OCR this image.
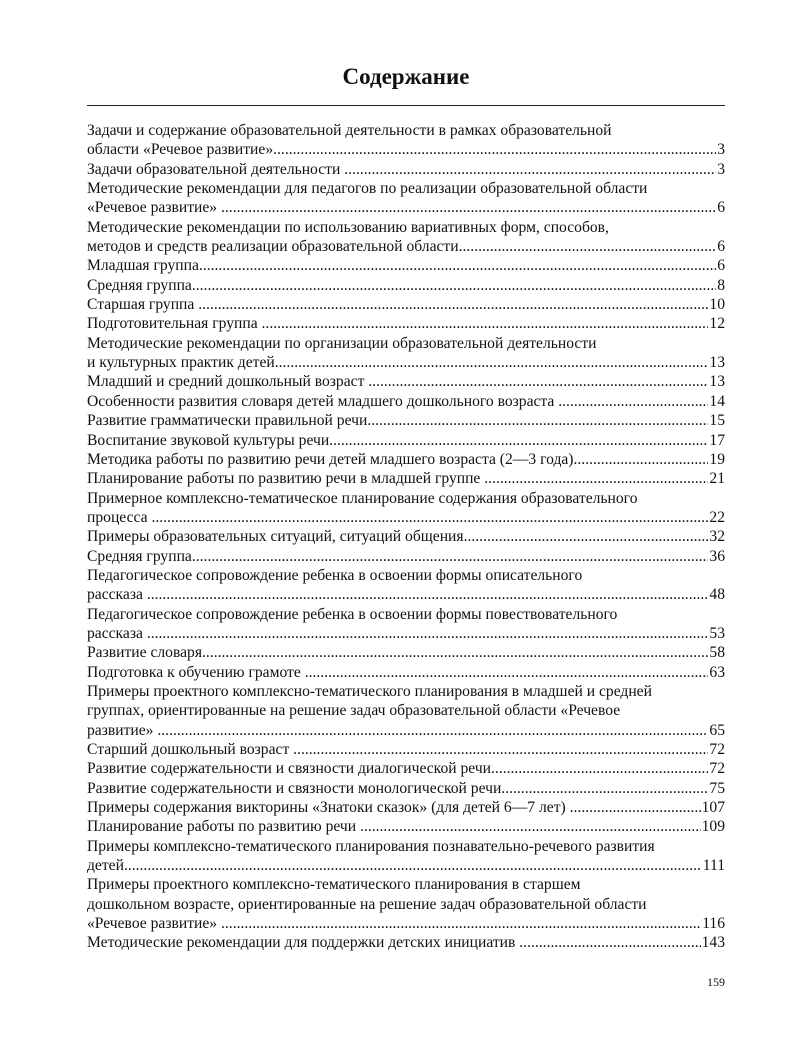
Содержание
Задачи и содержание образовательной деятельности в рамках образовательной
области «Речевое развитие» .....	3
Задачи образовательной деятельности .....	3
Методические рекомендации для педагогов по реализации образовательной области
«Речевое развитие» .....	6
Методические рекомендации по использованию вариативных форм, способов,
методов и средств реализации образовательной области .....	6
Младшая группа .....	6
Средняя группа .....	8
Старшая группа .....	10
Подготовительная группа .....	12
Методические рекомендации по организации образовательной деятельности
и культурных практик детей .....	13
Младший и средний дошкольный возраст .....	13
Особенности развития словаря детей младшего дошкольного возраста .....	14
Развитие грамматически правильной речи .....	15
Воспитание звуковой культуры речи .....	17
Методика работы по развитию речи детей младшего возраста (2—3 года) .....	19
Планирование работы по развитию речи в младшей группе .....	21
Примерное комплексно-тематическое планирование содержания образовательного
процесса .....	22
Примеры образовательных ситуаций, ситуаций общения .....	32
Средняя группа .....	36
Педагогическое сопровождение ребенка в освоении формы описательного
рассказа .....	48
Педагогическое сопровождение ребенка в освоении формы повествовательного
рассказа .....	53
Развитие словаря .....	58
Подготовка к обучению грамоте .....	63
Примеры проектного комплексно-тематического планирования в младшей и средней
группах, ориентированные на решение задач образовательной области «Речевое
развитие» .....	65
Старший дошкольный возраст .....	72
Развитие содержательности и связности диалогической речи .....	72
Развитие содержательности и связности монологической речи .....	75
Примеры содержания викторины «Знатоки сказок» (для детей 6—7 лет) .....	107
Планирование работы по развитию речи .....	109
Примеры комплексно-тематического планирования познавательно-речевого развития
детей .....	111
Примеры проектного комплексно-тематического планирования в старшем
дошкольном возрасте, ориентированные на решение задач образовательной области
«Речевое развитие» .....	116
Методические рекомендации для поддержки детских инициатив .....	143
159
